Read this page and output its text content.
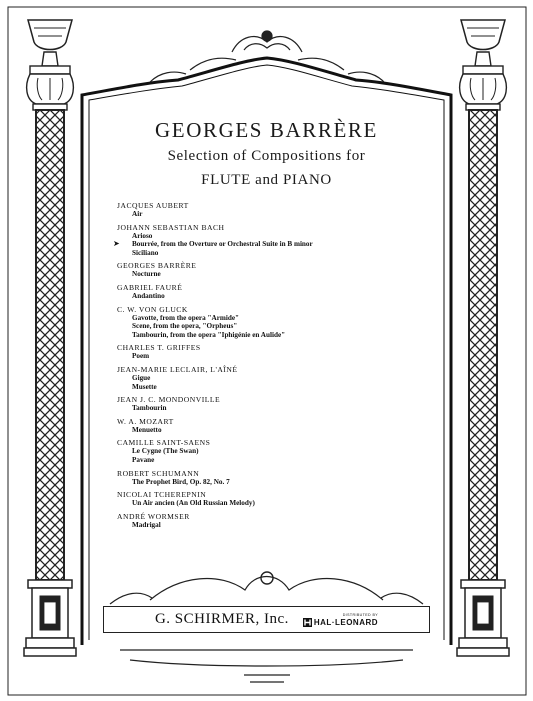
GEORGES BARRÈRE
Selection of Compositions for
FLUTE and PIANO
JACQUES AUBERT
Air
JOHANN SEBASTIAN BACH
Arioso
➤ Bourrée, from the Overture or Orchestral Suite in B minor
Siciliano
GEORGES BARRÈRE
Nocturne
GABRIEL FAURÉ
Andantino
C. W. VON GLUCK
Gavotte, from the opera "Armide"
Scene, from the opera, "Orpheus"
Tambourin, from the opera "Iphigénie en Aulide"
CHARLES T. GRIFFES
Poem
JEAN-MARIE LECLAIR, L'AÎNÉ
Gigue
Musette
JEAN J. C. MONDONVILLE
Tambourin
W. A. MOZART
Menuetto
CAMILLE SAINT-SAENS
Le Cygne (The Swan)
Pavane
ROBERT SCHUMANN
The Prophet Bird, Op. 82, No. 7
NICOLAI TCHEREPNIN
Un Air ancien (An Old Russian Melody)
ANDRÉ WORMSER
Madrigal
G. SCHIRMER, Inc.	DISTRIBUTED BY
HAL·LEONARD
